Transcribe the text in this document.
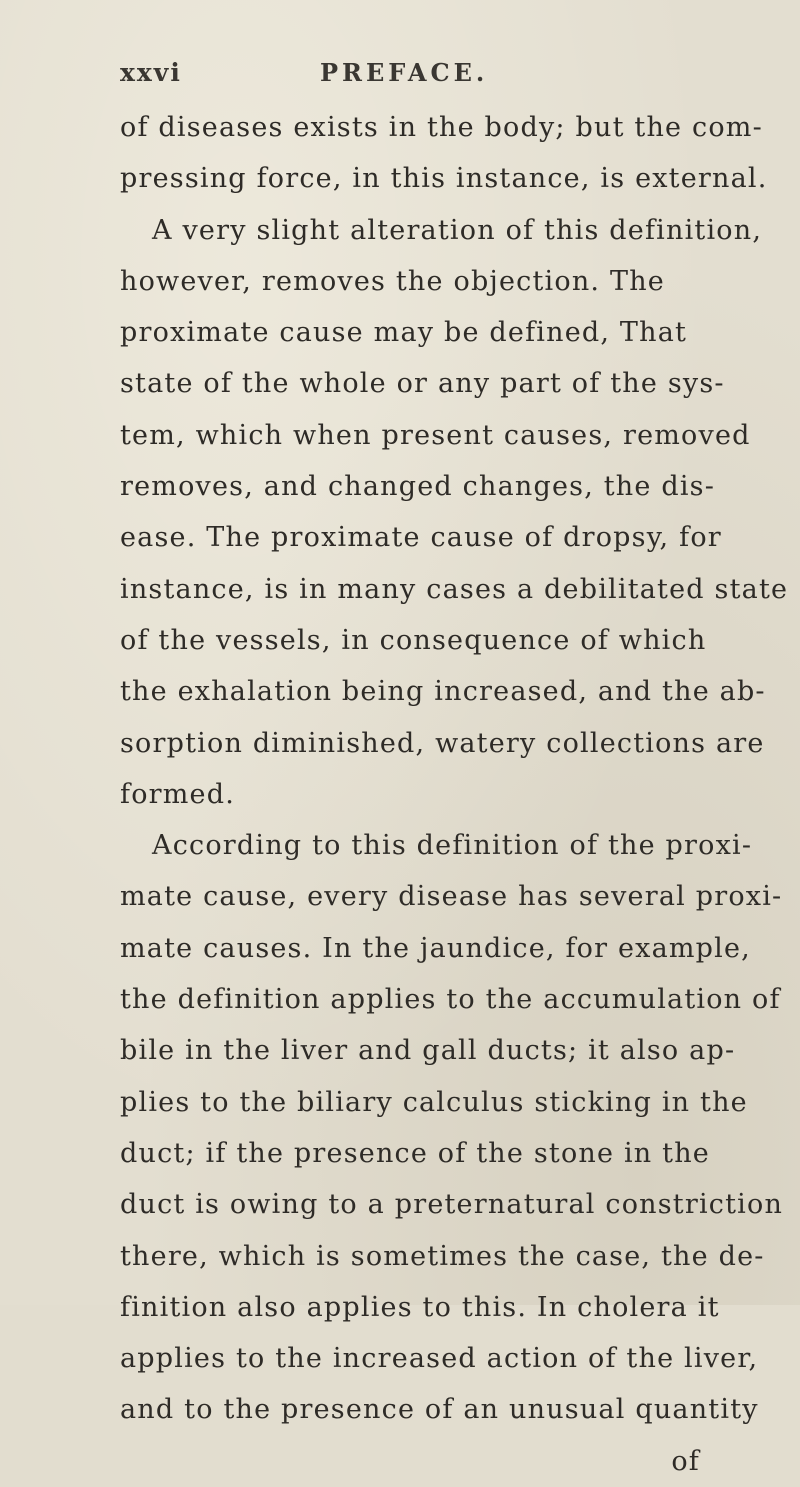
xxvi	PREFACE.
of diseases exists in the body; but the com-
pressing force, in this instance, is external.
A very slight alteration of this definition,
however, removes the objection. The
proximate cause may be defined, That
state of the whole or any part of the sys-
tem, which when present causes, removed
removes, and changed changes, the dis-
ease. The proximate cause of dropsy, for
instance, is in many cases a debilitated state
of the vessels, in consequence of which
the exhalation being increased, and the ab-
sorption diminished, watery collections are
formed.
According to this definition of the proxi-
mate cause, every disease has several proxi-
mate causes. In the jaundice, for example,
the definition applies to the accumulation of
bile in the liver and gall ducts; it also ap-
plies to the biliary calculus sticking in the
duct; if the presence of the stone in the
duct is owing to a preternatural constriction
there, which is sometimes the case, the de-
finition also applies to this. In cholera it
applies to the increased action of the liver,
and to the presence of an unusual quantity
of
